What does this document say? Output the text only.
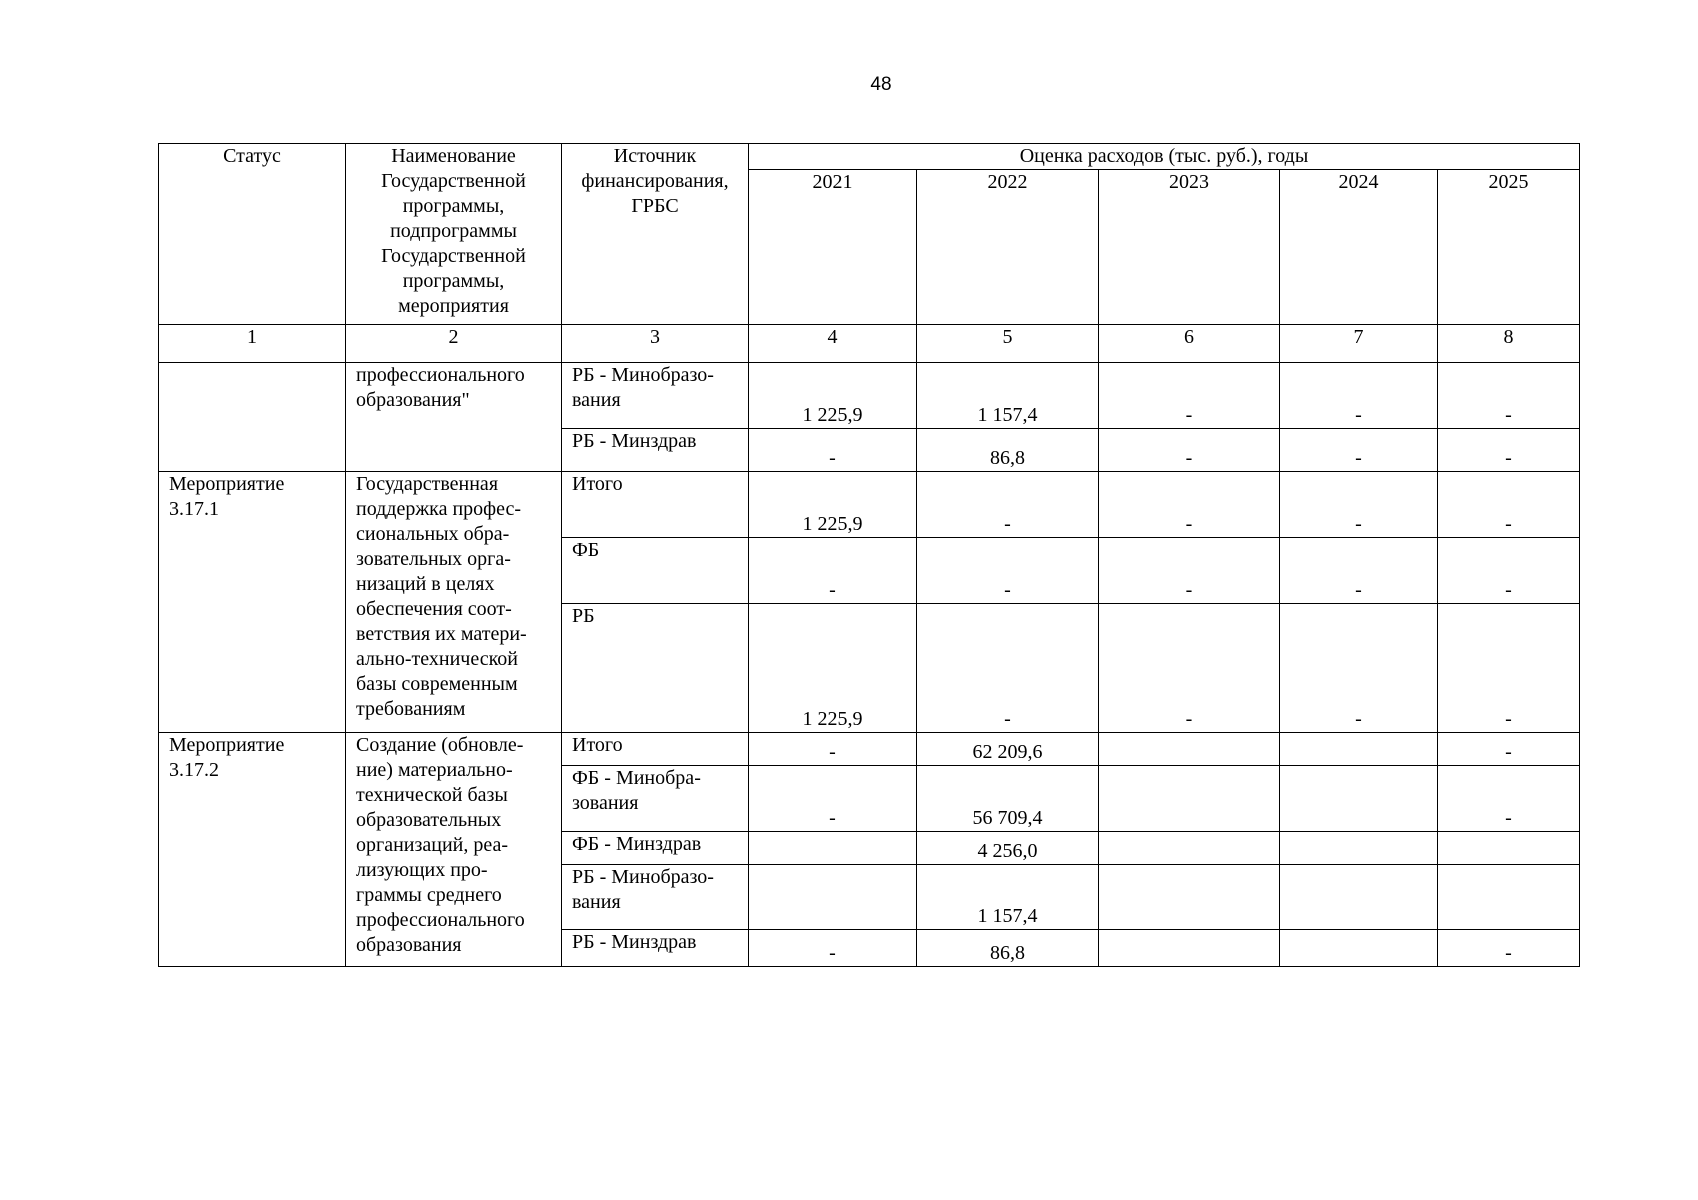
48
Статус	Наименование Государственной программы, подпрограммы Государственной программы, мероприятия	Источник финансирования, ГРБС	Оценка расходов (тыс. руб.), годы				
			2021	2022	2023	2024	2025
1	2	3	4	5	6	7	8
	профессионального образования"	РБ - Минобразо-вания	1 225,9	1 157,4	-	-	-
		РБ - Минздрав	-	86,8	-	-	-
Мероприятие 3.17.1	Государственная поддержка профес-сиональных обра-зовательных орга-низаций в целях обеспечения соот-ветствия их матери-ально-технической базы современным требованиям	Итого	1 225,9	-	-	-	-
		ФБ	-	-	-	-	-
		РБ	1 225,9	-	-	-	-
Мероприятие 3.17.2	Создание (обновле-ние) материально-технической базы образовательных организаций, реа-лизующих про-граммы среднего профессионального образования	Итого	-	62 209,6			-
		ФБ - Минобра-зования	-	56 709,4			-
		ФБ - Минздрав		4 256,0			
		РБ - Минобразо-вания		1 157,4			
		РБ - Минздрав	-	86,8			-
